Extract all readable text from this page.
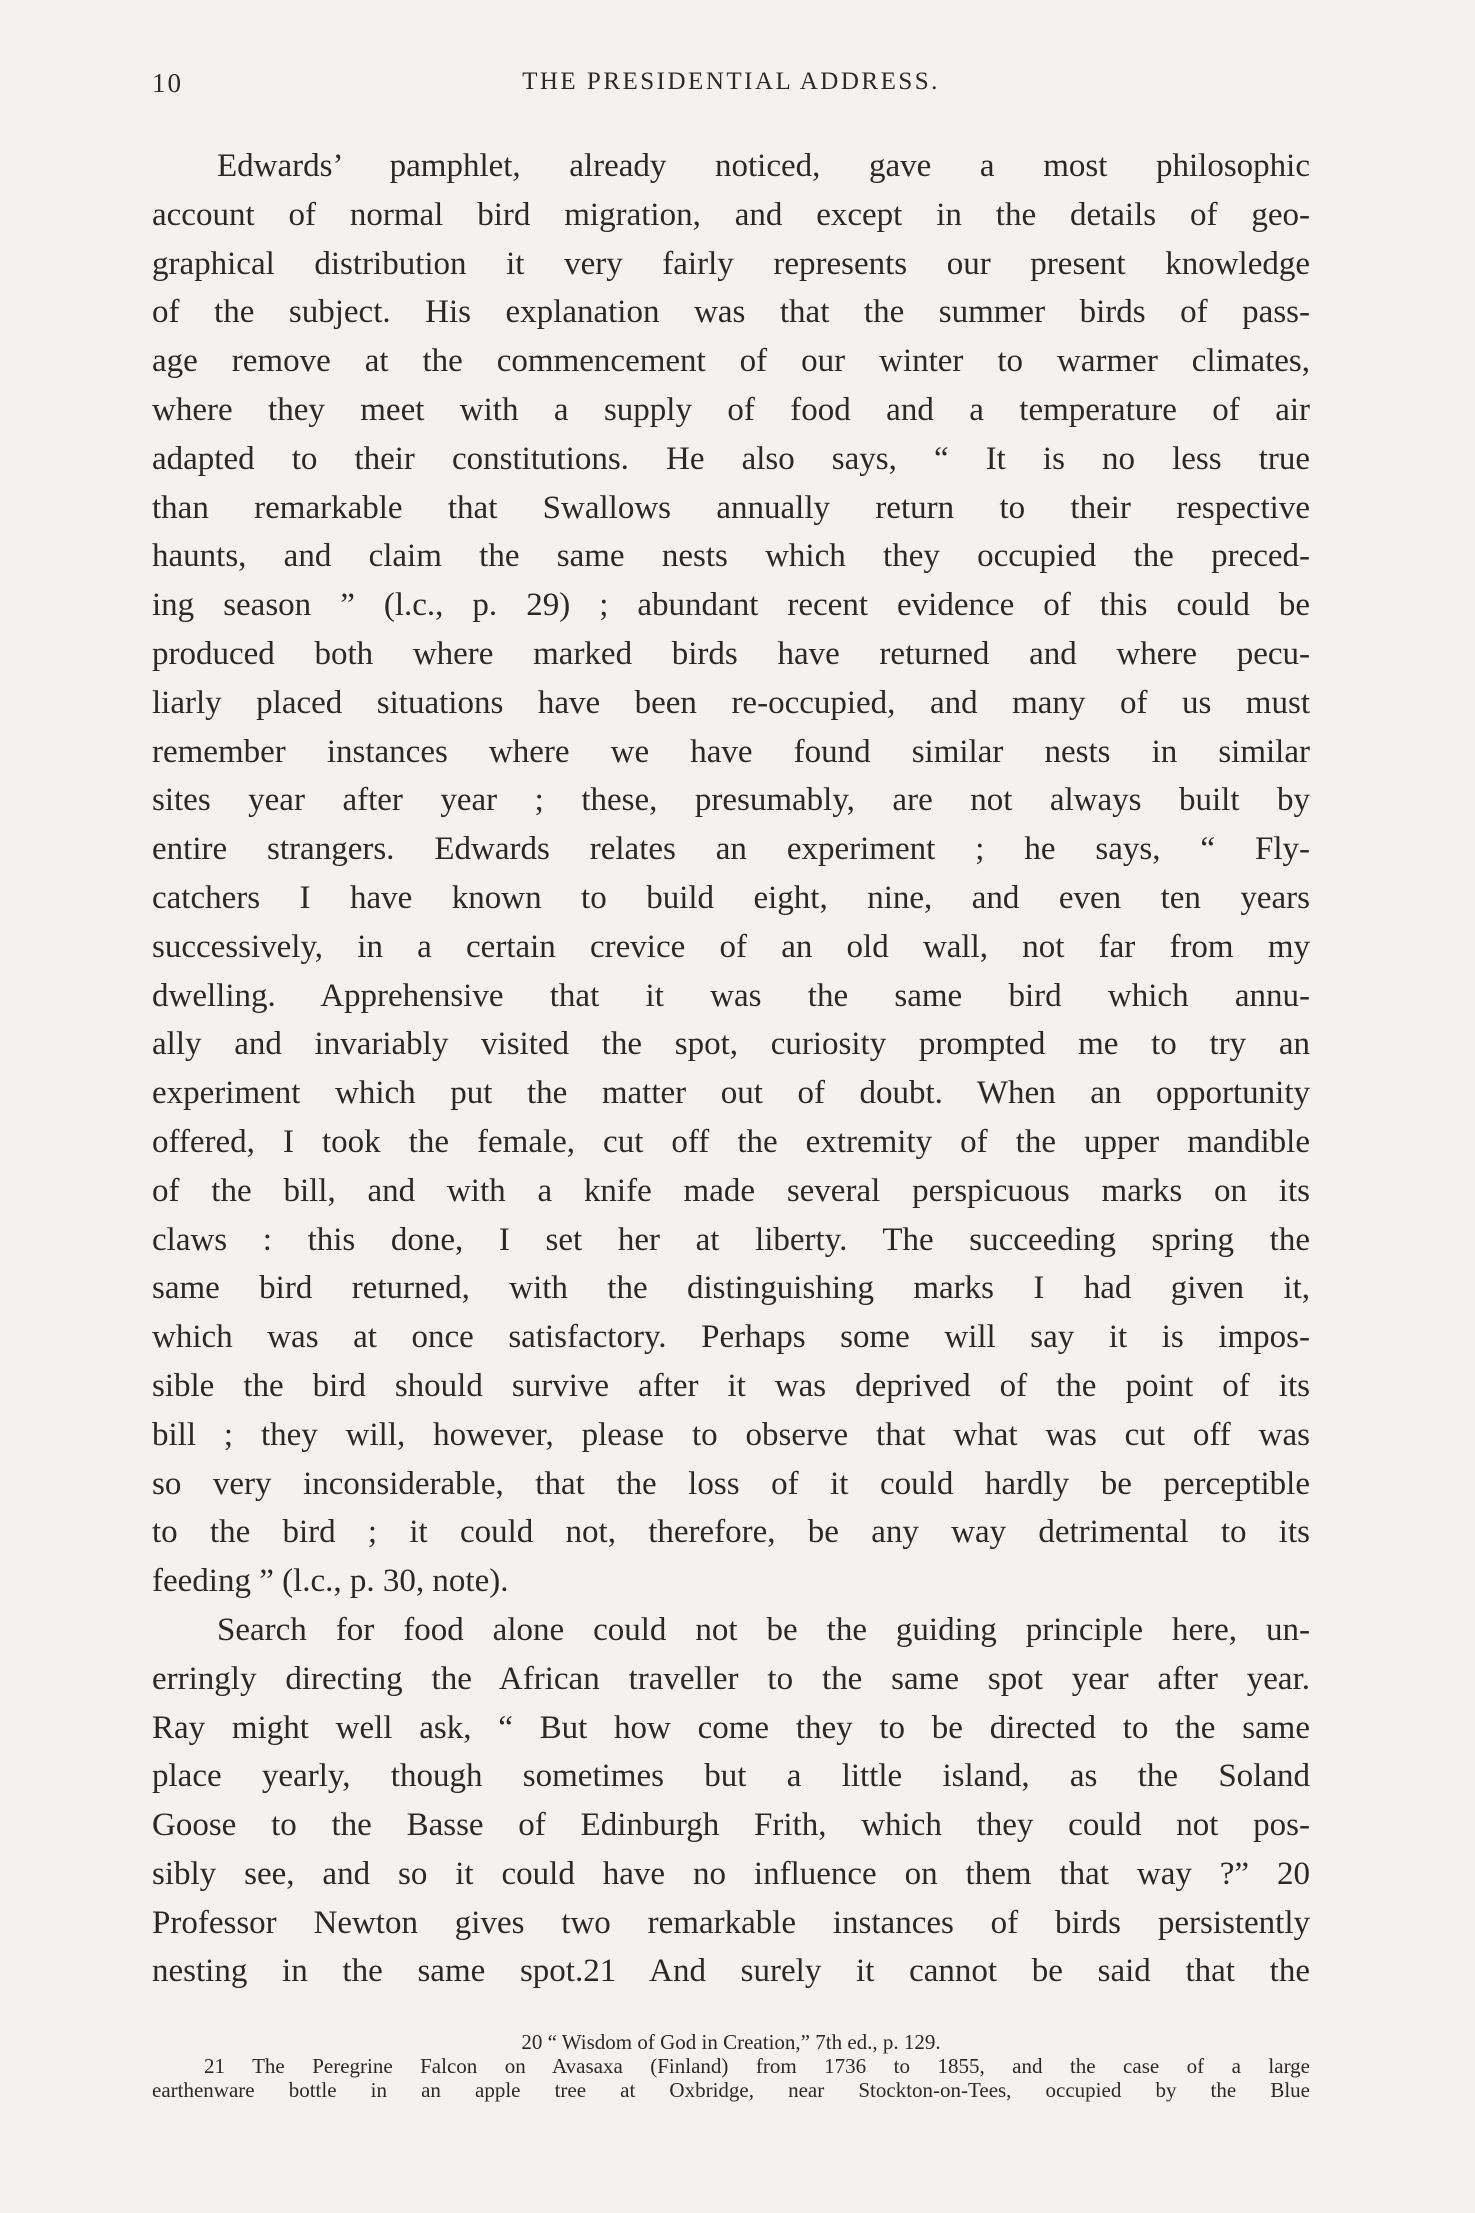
10	THE PRESIDENTIAL ADDRESS.
Edwards’ pamphlet, already noticed, gave a most philosophic
account of normal bird migration, and except in the details of geo-
graphical distribution it very fairly represents our present knowledge
of the subject. His explanation was that the summer birds of pass-
age remove at the commencement of our winter to warmer climates,
where they meet with a supply of food and a temperature of air
adapted to their constitutions. He also says, “ It is no less true
than remarkable that Swallows annually return to their respective
haunts, and claim the same nests which they occupied the preced-
ing season ” (l.c., p. 29) ; abundant recent evidence of this could be
produced both where marked birds have returned and where pecu-
liarly placed situations have been re-occupied, and many of us must
remember instances where we have found similar nests in similar
sites year after year ; these, presumably, are not always built by
entire strangers. Edwards relates an experiment ; he says, “ Fly-
catchers I have known to build eight, nine, and even ten years
successively, in a certain crevice of an old wall, not far from my
dwelling. Apprehensive that it was the same bird which annu-
ally and invariably visited the spot, curiosity prompted me to try an
experiment which put the matter out of doubt. When an opportunity
offered, I took the female, cut off the extremity of the upper mandible
of the bill, and with a knife made several perspicuous marks on its
claws : this done, I set her at liberty. The succeeding spring the
same bird returned, with the distinguishing marks I had given it,
which was at once satisfactory. Perhaps some will say it is impos-
sible the bird should survive after it was deprived of the point of its
bill ; they will, however, please to observe that what was cut off was
so very inconsiderable, that the loss of it could hardly be perceptible
to the bird ; it could not, therefore, be any way detrimental to its
feeding ” (l.c., p. 30, note).
Search for food alone could not be the guiding principle here, un-
erringly directing the African traveller to the same spot year after year.
Ray might well ask, “ But how come they to be directed to the same
place yearly, though sometimes but a little island, as the Soland
Goose to the Basse of Edinburgh Frith, which they could not pos-
sibly see, and so it could have no influence on them that way ?” 20
Professor Newton gives two remarkable instances of birds persistently
nesting in the same spot.21 And surely it cannot be said that the
20 “ Wisdom of God in Creation,” 7th ed., p. 129.
21 The Peregrine Falcon on Avasaxa (Finland) from 1736 to 1855, and the case of a large
earthenware bottle in an apple tree at Oxbridge, near Stockton-on-Tees, occupied by the Blue
